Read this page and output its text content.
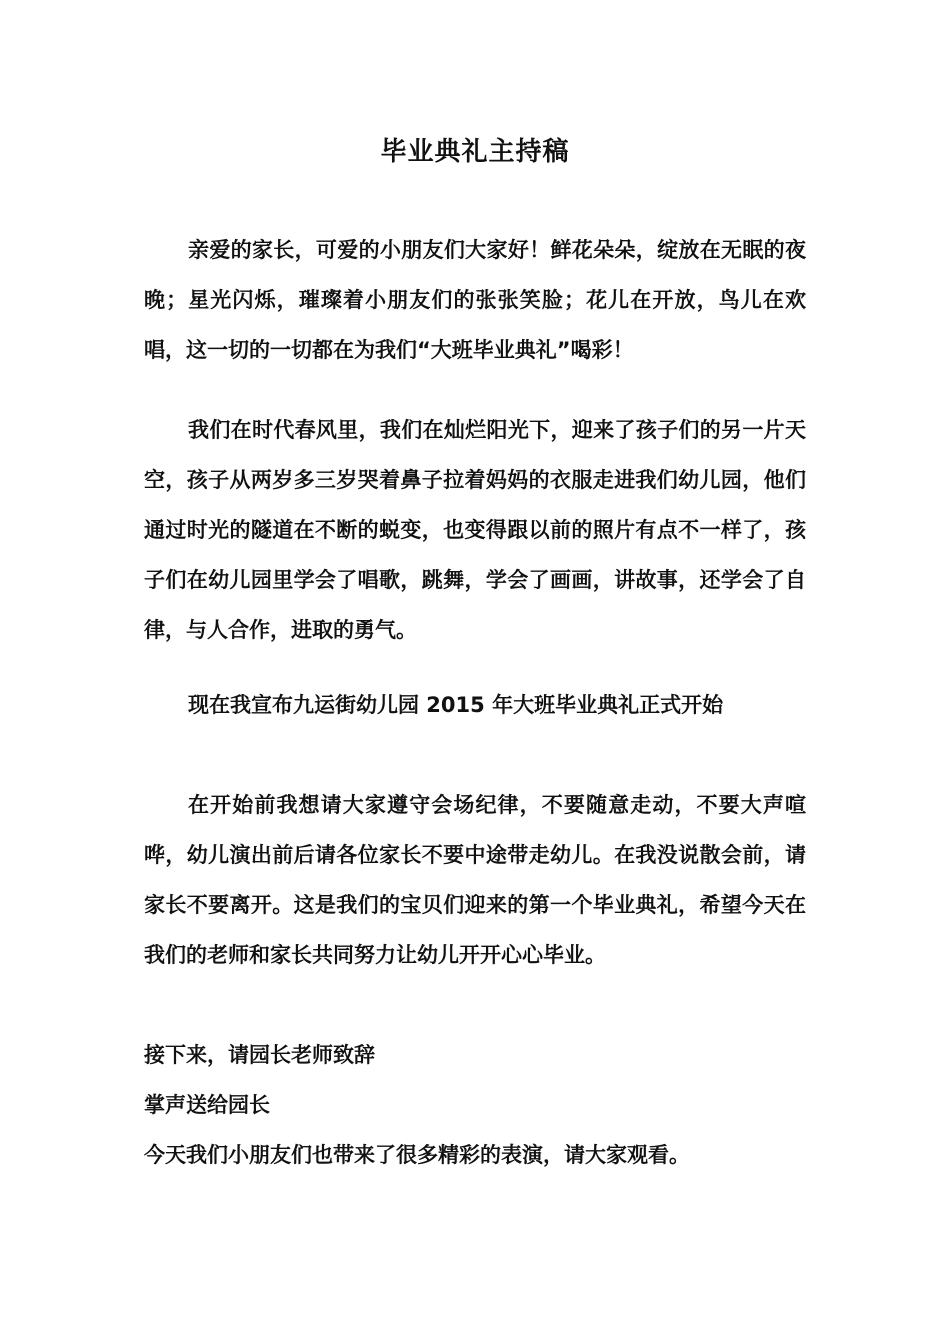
毕业典礼主持稿

亲爱的家长，可爱的小朋友们大家好！鲜花朵朵，绽放在无眠的夜晚；星光闪烁，璀璨着小朋友们的张张笑脸；花儿在开放，鸟儿在欢唱，这一切的一切都在为我们“大班毕业典礼”喝彩！

我们在时代春风里，我们在灿烂阳光下，迎来了孩子们的另一片天空，孩子从两岁多三岁哭着鼻子拉着妈妈的衣服走进我们幼儿园，他们通过时光的隧道在不断的蜕变，也变得跟以前的照片有点不一样了，孩子们在幼儿园里学会了唱歌，跳舞，学会了画画，讲故事，还学会了自律，与人合作，进取的勇气。

现在我宣布九运街幼儿园 2015 年大班毕业典礼正式开始

在开始前我想请大家遵守会场纪律，不要随意走动，不要大声喧哗，幼儿演出前后请各位家长不要中途带走幼儿。在我没说散会前，请家长不要离开。这是我们的宝贝们迎来的第一个毕业典礼，希望今天在我们的老师和家长共同努力让幼儿开开心心毕业。

接下来，请园长老师致辞
掌声送给园长
今天我们小朋友们也带来了很多精彩的表演，请大家观看。
